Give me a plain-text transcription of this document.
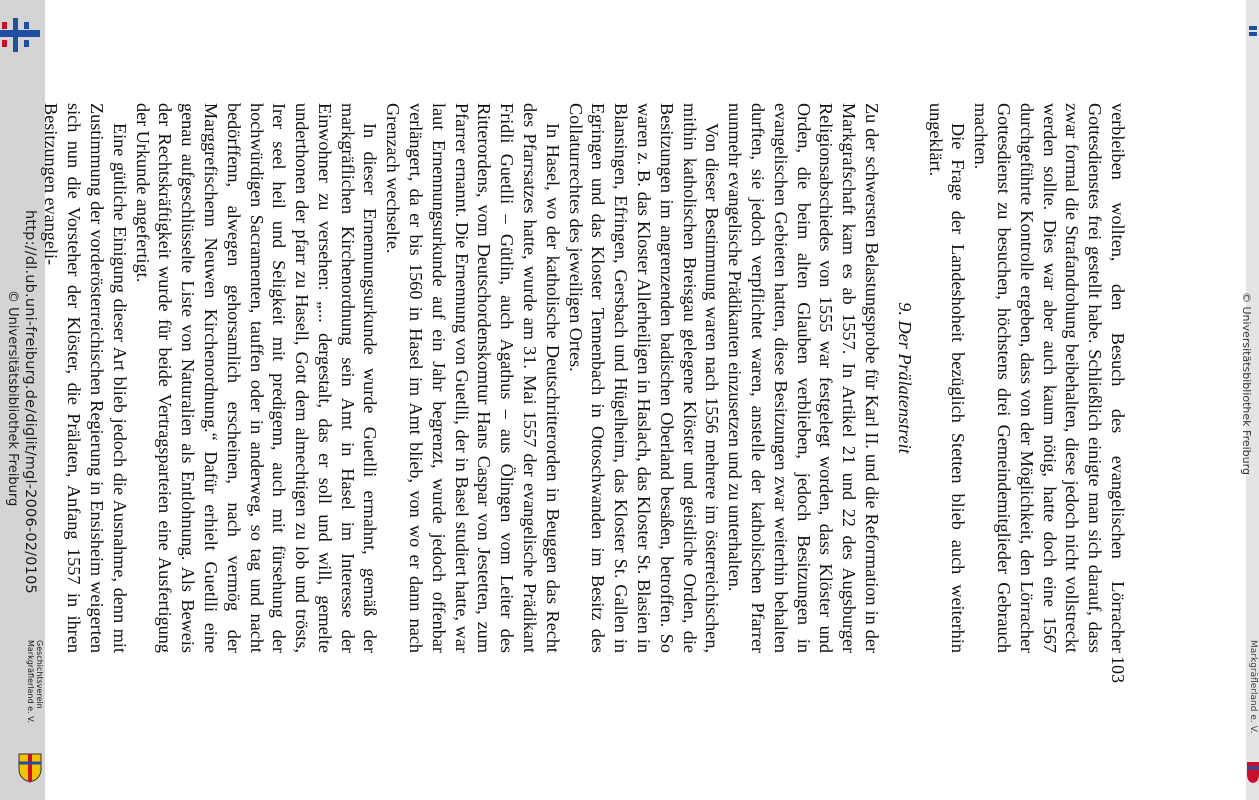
http://dl.ub.uni-freiburg.de/diglit/mgl-2006-02/0105
© Universitätsbibliothek Freiburg
Geschichtsverein
Markgräflerland e. V.	Markgräflerland e. V.
© Universitätsbibliothek Freiburg
103

verbleiben wollten, den Besuch des evangelischen Lörracher Gottesdienstes frei gestellt habe. Schließlich einigte man sich darauf, dass zwar formal die Strafandrohung beibehalten, diese jedoch nicht vollstreckt werden sollte. Dies war aber auch kaum nötig, hatte doch eine 1567 durchgeführte Kontrolle ergeben, dass von der Möglichkeit, den Lörracher Gottesdienst zu besuchen, höchstens drei Gemeindemitglieder Gebrauch machten.

Die Frage der Landeshoheit bezüglich Stetten blieb auch weiterhin ungeklärt.

9. Der Prälatenstreit

Zu der schwersten Belastungsprobe für Karl II. und die Reformation in der Markgrafschaft kam es ab 1557. In Artikel 21 und 22 des Augsburger Religionsabschiedes von 1555 war festgelegt worden, dass Klöster und Orden, die beim alten Glauben verblieben, jedoch Besitzungen in evangelischen Gebieten hatten, diese Besitzungen zwar weiterhin behalten durften, sie jedoch verpflichtet waren, anstelle der katholischen Pfarrer nunmehr evangelische Prädikanten einzusetzen und zu unterhalten.

Von dieser Bestimmung waren nach 1556 mehrere im österreichischen, mithin katholischen Breisgau gelegene Klöster und geistliche Orden, die Besitzungen im angrenzenden badischen Oberland besaßen, betroffen. So waren z. B. das Kloster Allerheiligen in Haslach, das Kloster St. Blasien in Blansingen, Efringen, Gersbach und Hügelheim, das Kloster St. Gallen in Egringen und das Kloster Tennenbach in Ottoschwanden im Besitz des Collaturrechtes des jeweiligen Ortes.

In Hasel, wo der katholische Deutschritterorden in Beuggen das Recht des Pfarrsatzes hatte, wurde am 31. Mai 1557 der evangelische Prädikant Fridli Guetlli – Gütlin, auch Agathus – aus Ölingen vom Leiter des Ritterordens, vom Deutschordenskomtur Hans Caspar von Jestetten, zum Pfarrer ernannt. Die Ernennung von Guetlli, der in Basel studiert hatte, war laut Ernennungsurkunde auf ein Jahr begrenzt, wurde jedoch offenbar verlängert, da er bis 1560 in Hasel im Amt blieb, von wo er dann nach Grenzach wechselte.

In dieser Ernennungsurkunde wurde Guetlli ermahnt, gemäß der markgräflichen Kirchenordnung sein Amt in Hasel im Interesse der Einwohner zu versehen: „... dergestalt, das er soll und will, gemelte underthonen der pfarr zu Hasell, Gott dem almechtigen zu lob und trösts, Irer seel heil und Seligkeit mit predigenn, auch mit fürsehung der hochwürdigen Sacramenten, tauffen oder in anderweg, so tag und nacht bedörffenn, alwegen gehorsamlich erscheinen, nach vermög der Marggrefischenn Neuwen Kirchenordnung.“ Dafür erhielt Guetlli eine genau aufgeschlüsselte Liste von Naturalien als Entlohnung. Als Beweis der Rechtskräftigkeit wurde für beide Vertragsparteien eine Ausfertigung der Urkunde angefertigt.

Eine gütliche Einigung dieser Art blieb jedoch die Ausnahme, denn mit Zustimmung der vorderösterreichischen Regierung in Ensisheim weigerten sich nun die Vorsteher der Klöster, die Prälaten, Anfang 1557 in ihren Besitzungen evangeli-
